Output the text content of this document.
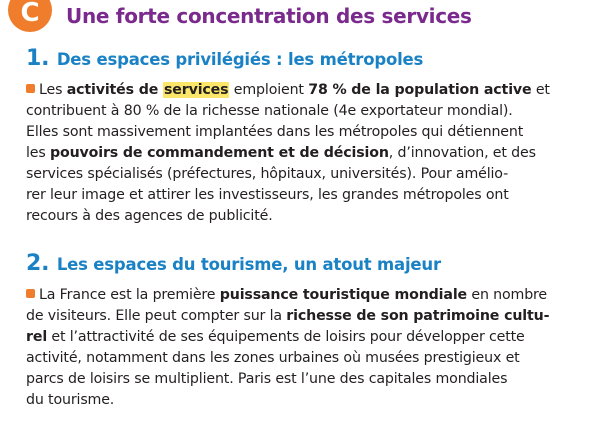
C	Une forte concentration des services
1. Des espaces privilégiés : les métropoles
Les activités de services emploient 78 % de la population active et
contribuent à 80 % de la richesse nationale (4e exportateur mondial).
Elles sont massivement implantées dans les métropoles qui détiennent
les pouvoirs de commandement et de décision, d’innovation, et des
services spécialisés (préfectures, hôpitaux, universités). Pour amélio-
rer leur image et attirer les investisseurs, les grandes métropoles ont
recours à des agences de publicité.
2. Les espaces du tourisme, un atout majeur
La France est la première puissance touristique mondiale en nombre
de visiteurs. Elle peut compter sur la richesse de son patrimoine cultu-
rel et l’attractivité de ses équipements de loisirs pour développer cette
activité, notamment dans les zones urbaines où musées prestigieux et
parcs de loisirs se multiplient. Paris est l’une des capitales mondiales
du tourisme.
